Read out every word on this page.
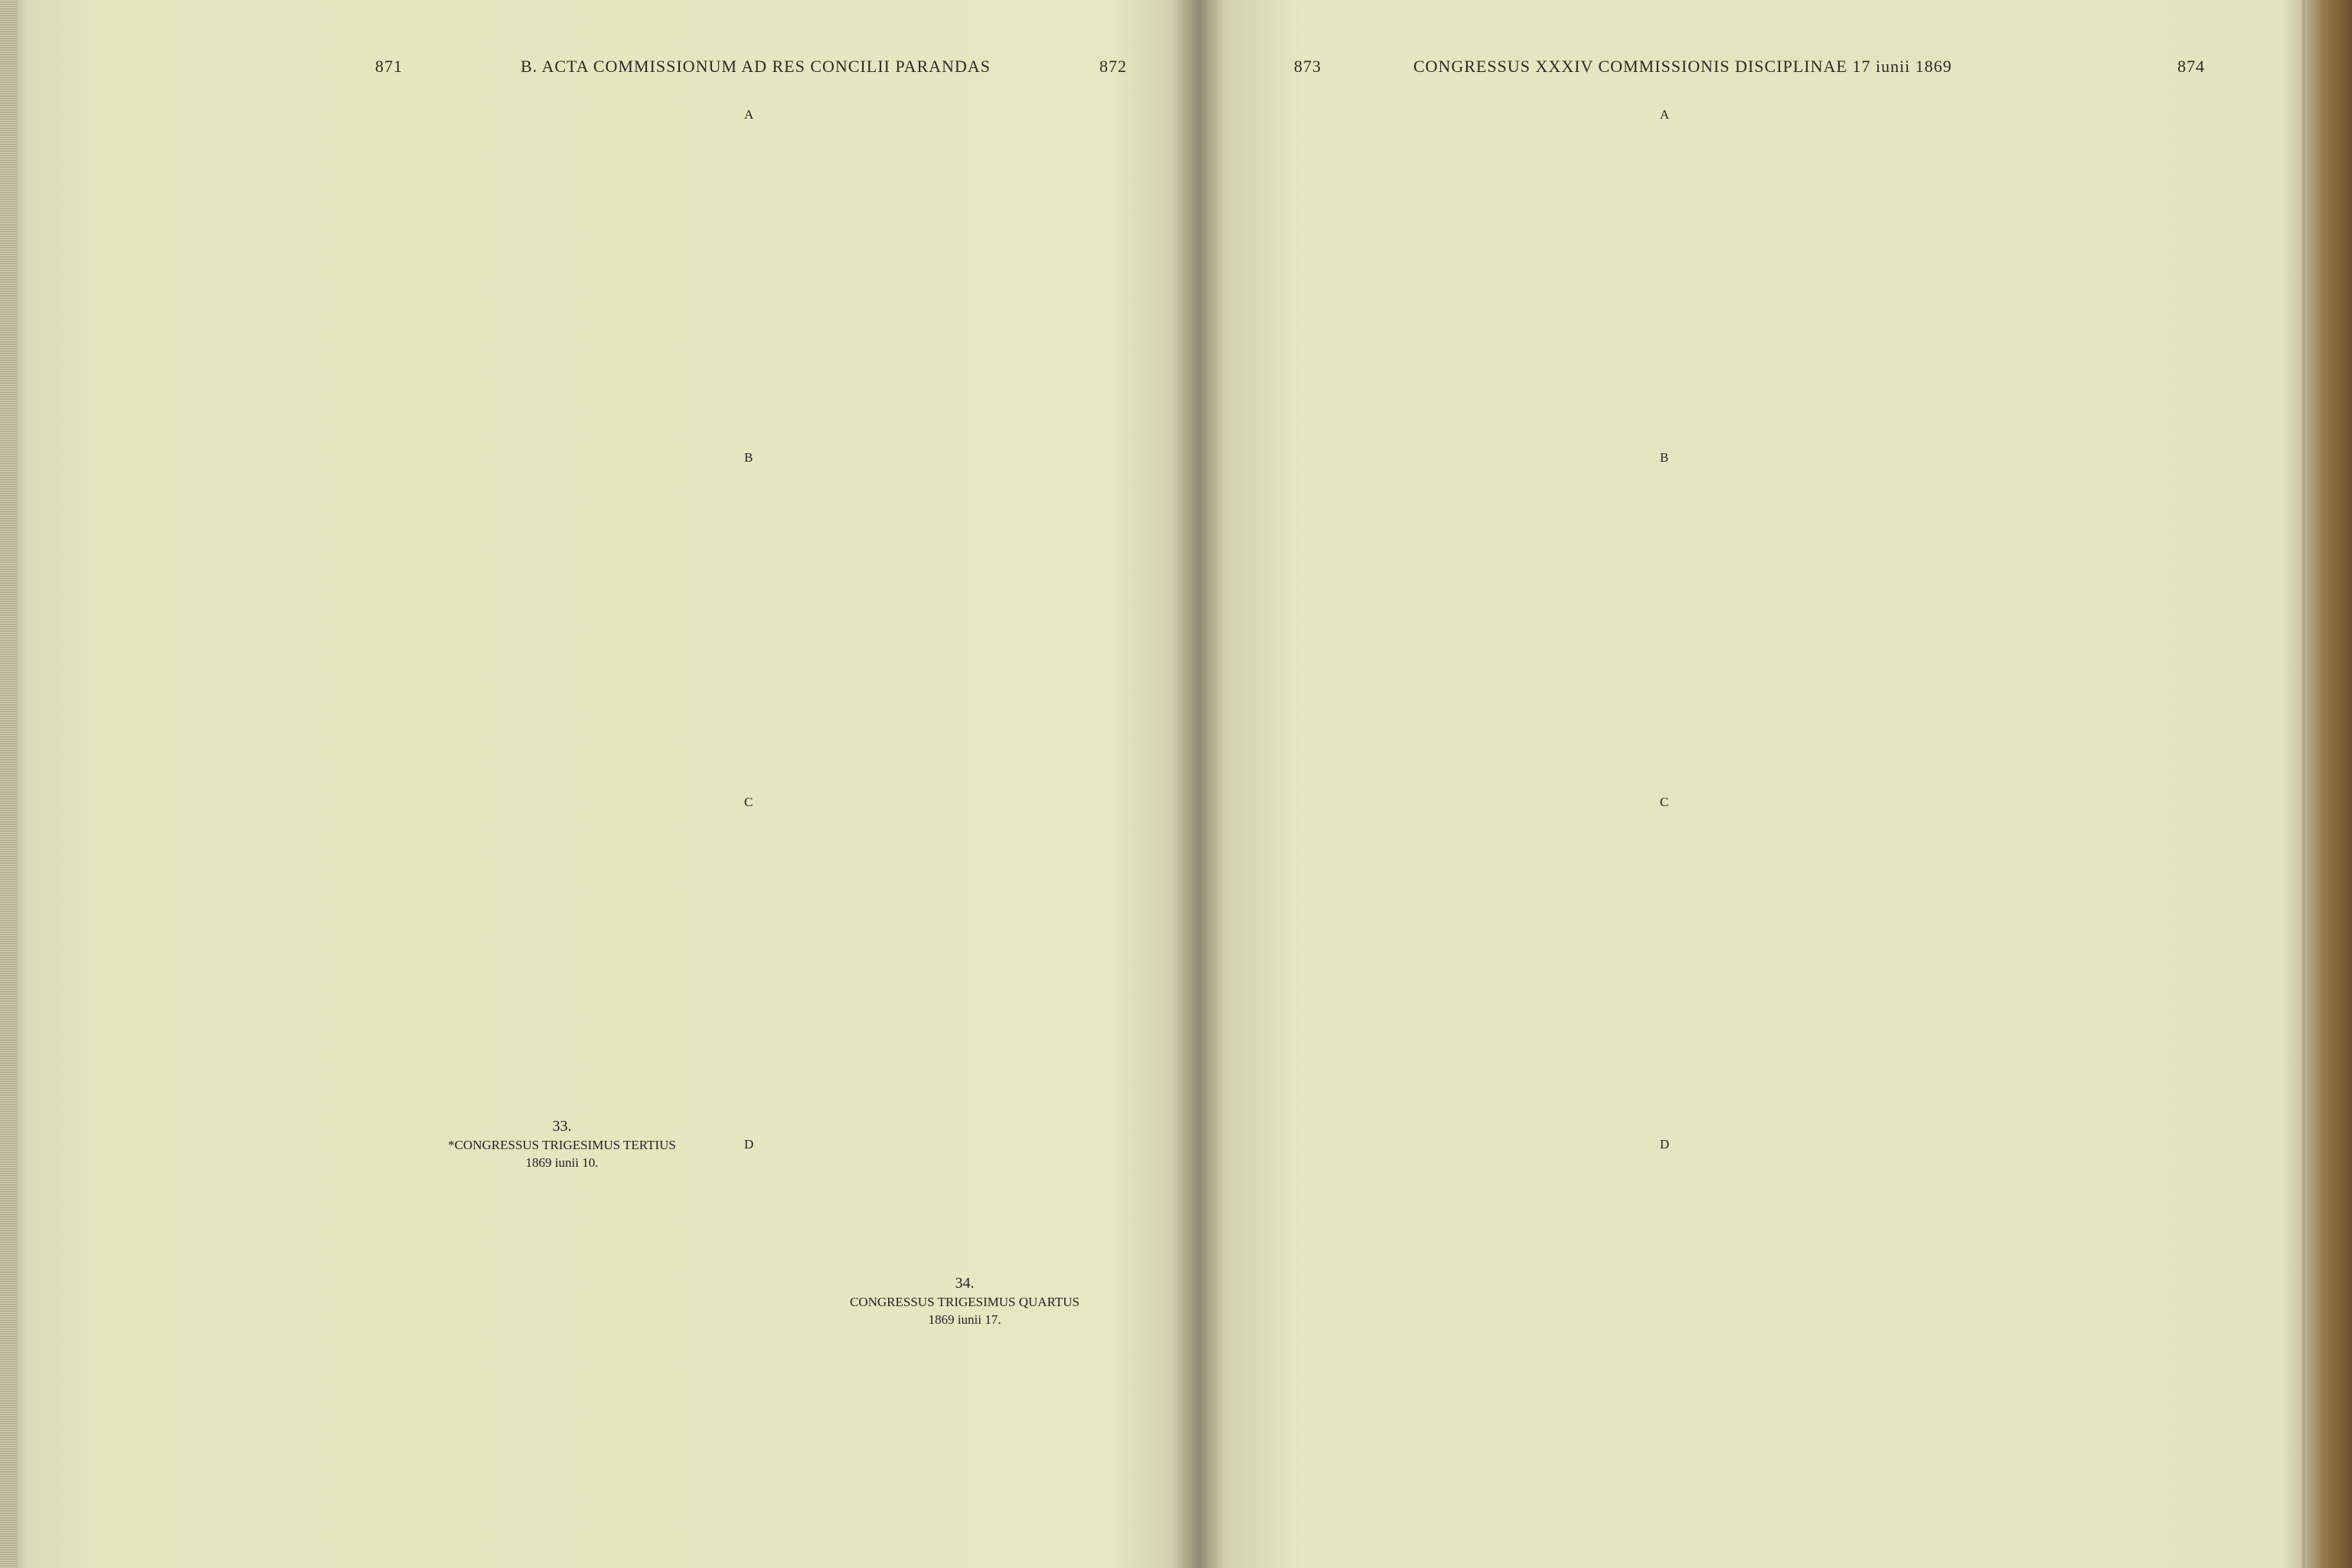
871	B. ACTA COMMISSIONUM AD RES CONCILII PARANDAS	872
33.
*CONGRESSUS TRIGESIMUS TERTIUS
1869 iunii 10.
34.
CONGRESSUS TRIGESIMUS QUARTUS
1869 iunii 17.
A
B
C
D
873	CONGRESSUS XXXIV COMMISSIONIS DISCIPLINAE 17 iunii 1869	874
A
B
C
D
